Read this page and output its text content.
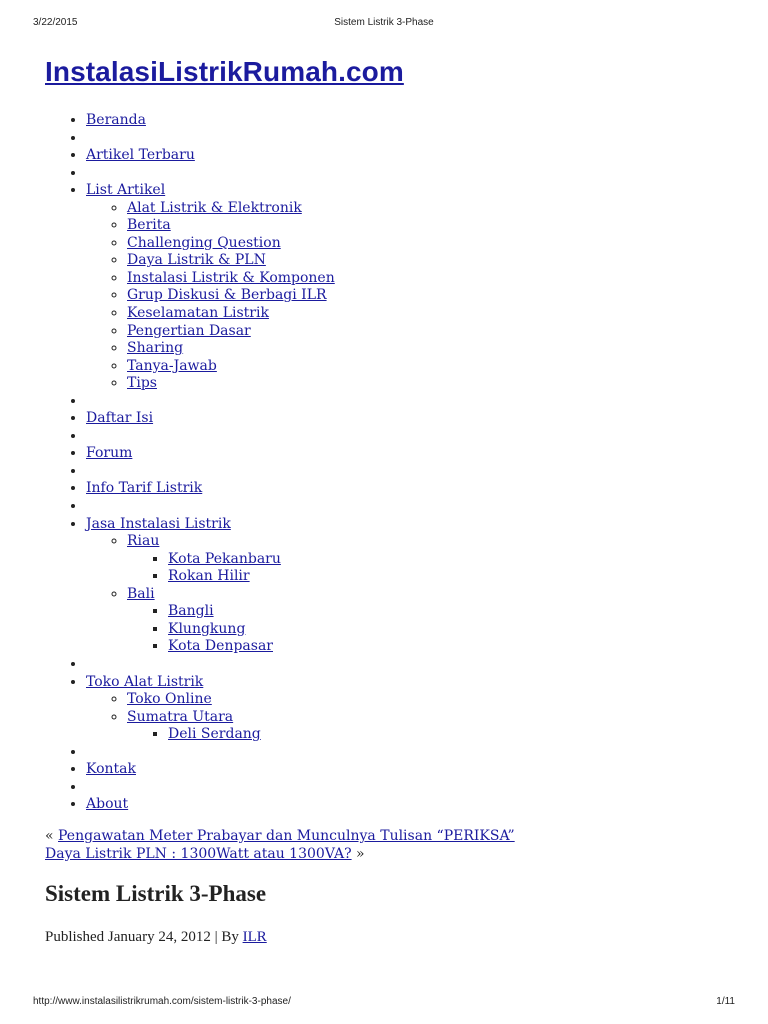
3/22/2015	Sistem Listrik 3-Phase
InstalasiListrikRumah.com
• Beranda
•
• Artikel Terbaru
•
• List Artikel
◦ Alat Listrik & Elektronik
◦ Berita
◦ Challenging Question
◦ Daya Listrik & PLN
◦ Instalasi Listrik & Komponen
◦ Grup Diskusi & Berbagi ILR
◦ Keselamatan Listrik
◦ Pengertian Dasar
◦ Sharing
◦ Tanya-Jawab
◦ Tips
•
• Daftar Isi
•
• Forum
•
• Info Tarif Listrik
•
• Jasa Instalasi Listrik
◦ Riau
▪ Kota Pekanbaru
▪ Rokan Hilir
◦ Bali
▪ Bangli
▪ Klungkung
▪ Kota Denpasar
•
• Toko Alat Listrik
◦ Toko Online
◦ Sumatra Utara
▪ Deli Serdang
•
• Kontak
•
• About
« Pengawatan Meter Prabayar dan Munculnya Tulisan “PERIKSA”
Daya Listrik PLN : 1300Watt atau 1300VA? »
Sistem Listrik 3-Phase
Published January 24, 2012 | By ILR
http://www.instalasilistrikrumah.com/sistem-listrik-3-phase/	1/11
